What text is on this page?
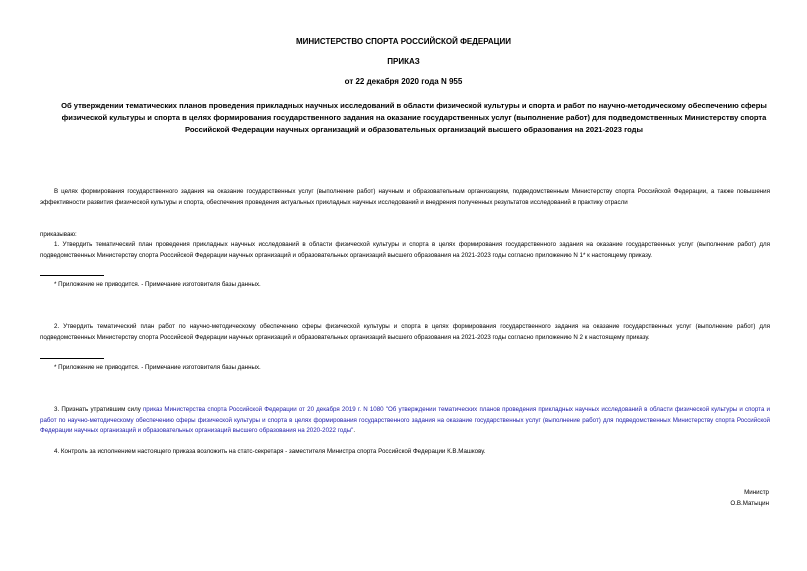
МИНИСТЕРСТВО СПОРТА РОССИЙСКОЙ ФЕДЕРАЦИИ
ПРИКАЗ
от 22 декабря 2020 года N 955
Об утверждении тематических планов проведения прикладных научных исследований в области физической культуры и спорта и работ по научно-методическому обеспечению сферы физической культуры и спорта в целях формирования государственного задания на оказание государственных услуг (выполнение работ) для подведомственных Министерству спорта Российской Федерации научных организаций и образовательных организаций высшего образования на 2021-2023 годы
В целях формирования государственного задания на оказание государственных услуг (выполнение работ) научным и образовательным организациям, подведомственным Министерству спорта Российской Федерации, а также повышения эффективности развития физической культуры и спорта, обеспечения проведения актуальных прикладных научных исследований и внедрения полученных результатов исследований в практику отрасли
приказываю:
1. Утвердить тематический план проведения прикладных научных исследований в области физической культуры и спорта в целях формирования государственного задания на оказание государственных услуг (выполнение работ) для подведомственных Министерству спорта Российской Федерации научных организаций и образовательных организаций высшего образования на 2021-2023 годы согласно приложению N 1* к настоящему приказу.
* Приложение не приводится. - Примечание изготовителя базы данных.
2. Утвердить тематический план работ по научно-методическому обеспечению сферы физической культуры и спорта в целях формирования государственного задания на оказание государственных услуг (выполнение работ) для подведомственных Министерству спорта Российской Федерации научных организаций и образовательных организаций высшего образования на 2021-2023 годы согласно приложению N 2 к настоящему приказу.
* Приложение не приводится. - Примечание изготовителя базы данных.
3. Признать утратившим силу приказ Министерства спорта Российской Федерации от 20 декабря 2019 г. N 1080 "Об утверждении тематических планов проведения прикладных научных исследований в области физической культуры и спорта и работ по научно-методическому обеспечению сферы физической культуры и спорта в целях формирования государственного задания на оказание государственных услуг (выполнение работ) для подведомственных Министерству спорта Российской Федерации научных организаций и образовательных организаций высшего образования на 2020-2022 годы".
4. Контроль за исполнением настоящего приказа возложить на статс-секретаря - заместителя Министра спорта Российской Федерации К.В.Машкову.
Министр
О.В.Матыцин
